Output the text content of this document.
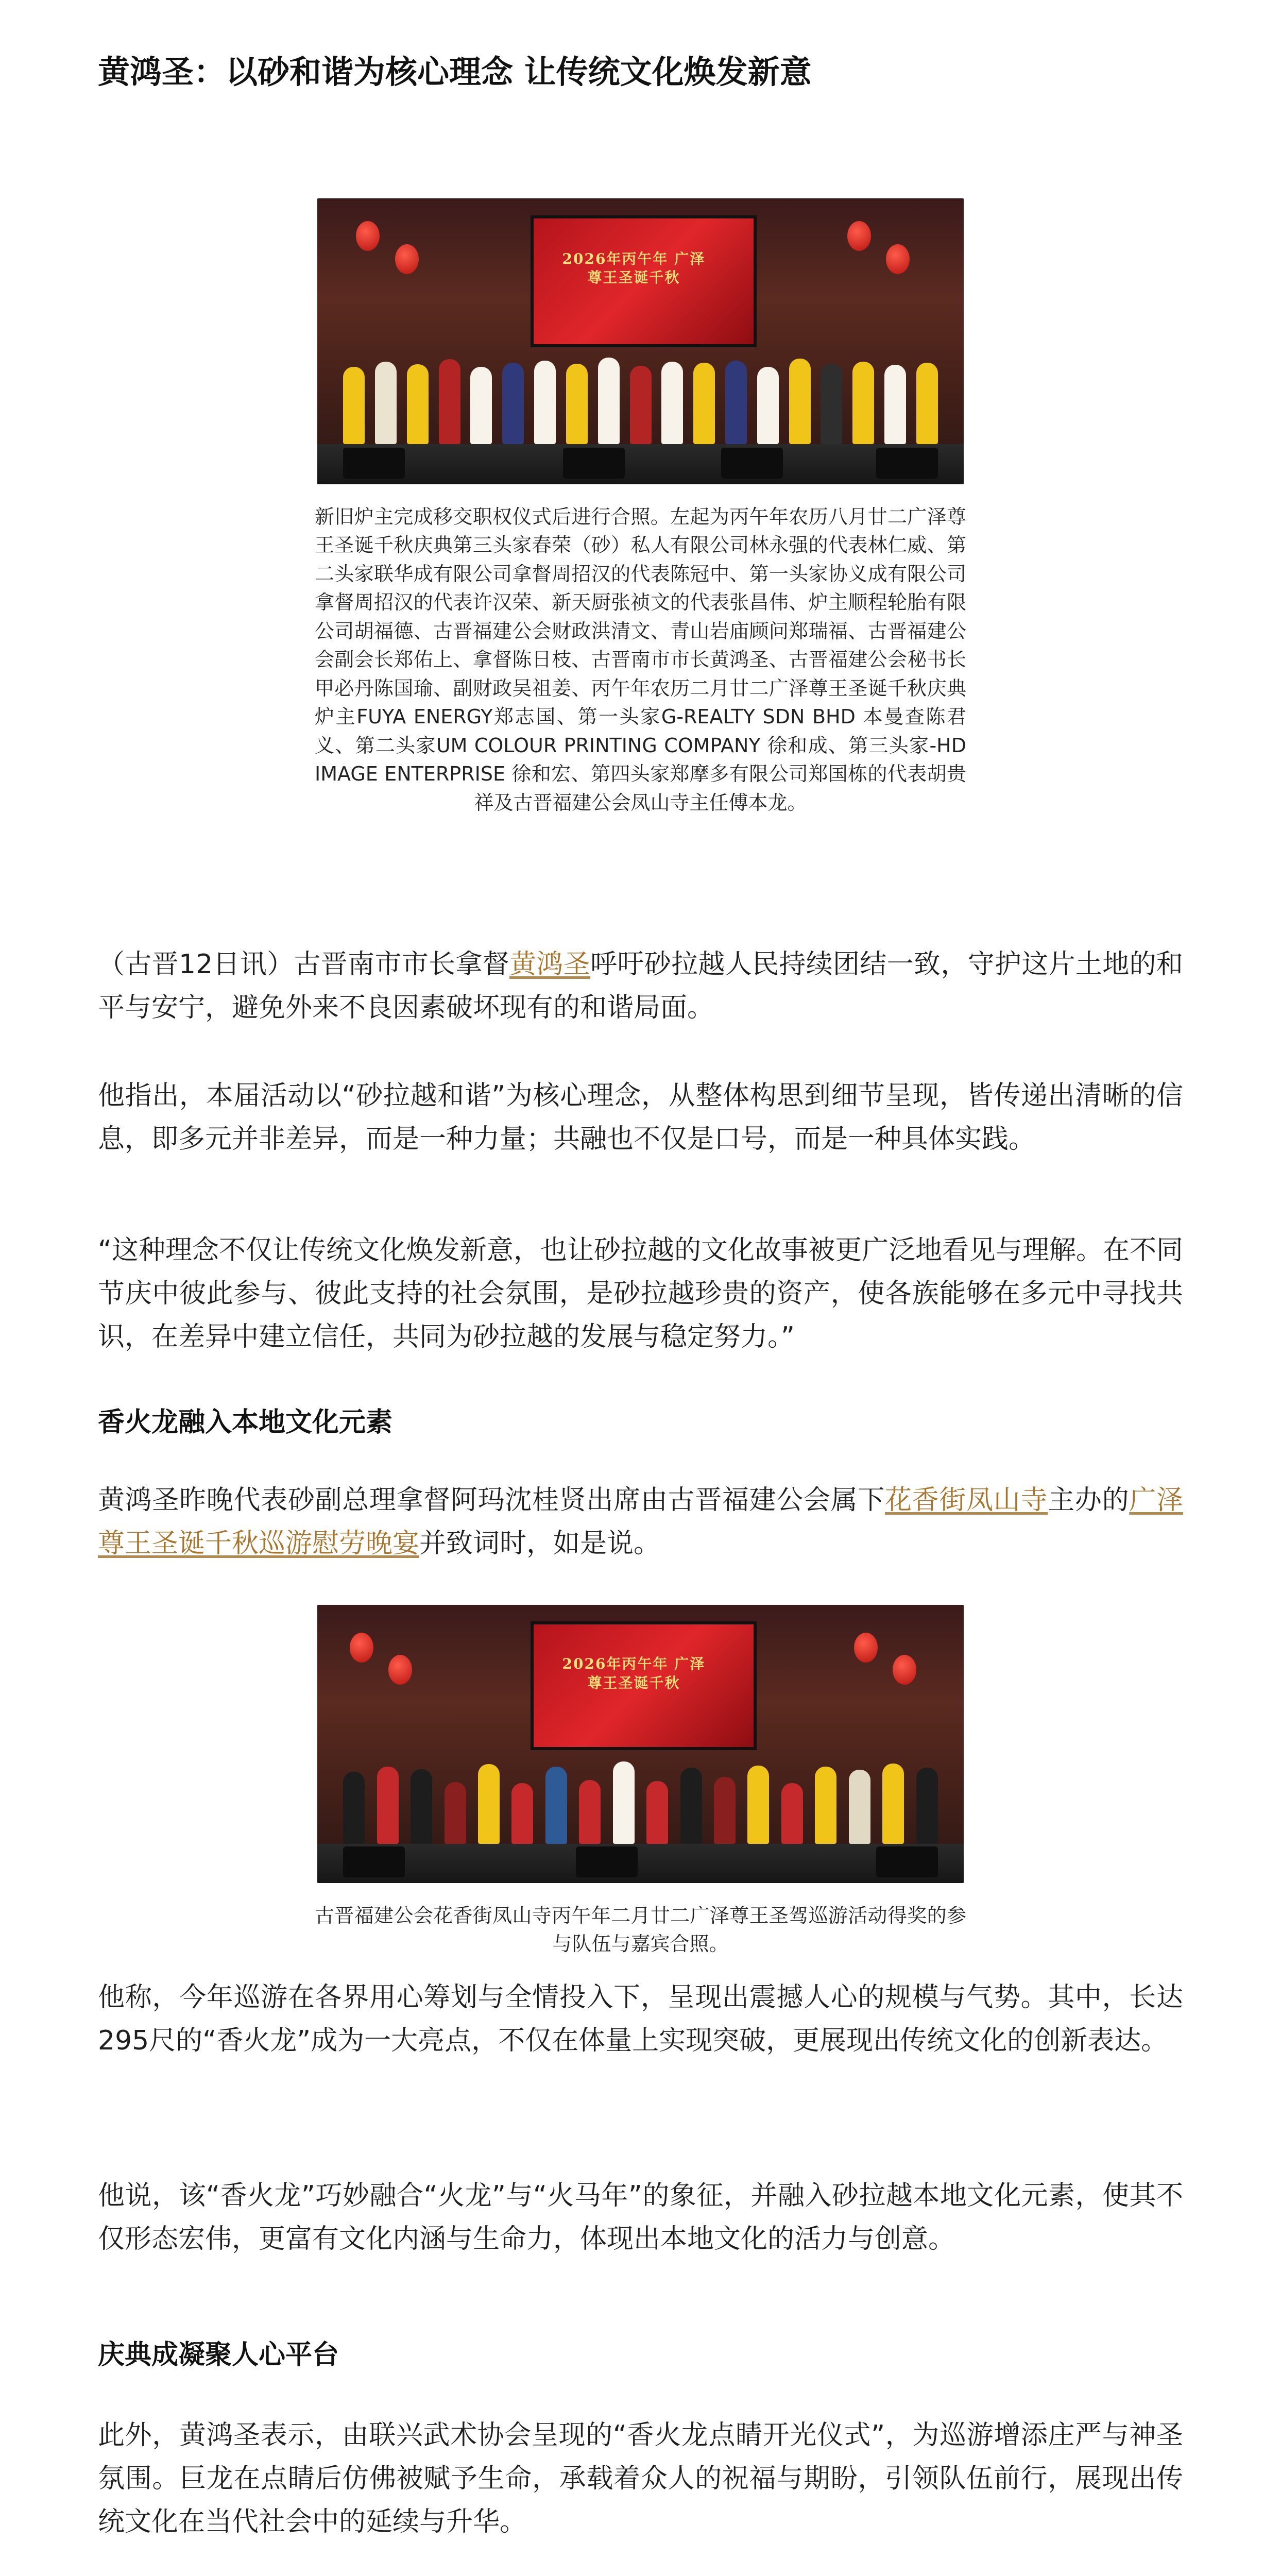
黄鸿圣：以砂和谐为核心理念 让传统文化焕发新意
2026年丙午年 广泽尊王圣诞千秋
新旧炉主完成移交职权仪式后进行合照。左起为丙午年农历八月廿二广泽尊王圣诞千秋庆典第三头家春荣（砂）私人有限公司林永强的代表林仁威、第二头家联华成有限公司拿督周招汉的代表陈冠中、第一头家协义成有限公司拿督周招汉的代表许汉荣、新天厨张祯文的代表张昌伟、炉主顺程轮胎有限公司胡福德、古晋福建公会财政洪清文、青山岩庙顾问郑瑞福、古晋福建公会副会长郑佑上、拿督陈日枝、古晋南市市长黄鸿圣、古晋福建公会秘书长甲必丹陈国瑜、副财政吴祖姜、丙午年农历二月廿二广泽尊王圣诞千秋庆典炉主FUYA ENERGY郑志国、第一头家G-REALTY SDN BHD 本曼查陈君义、第二头家UM COLOUR PRINTING COMPANY 徐和成、第三头家-HD IMAGE ENTERPRISE 徐和宏、第四头家郑摩多有限公司郑国栋的代表胡贵祥及古晋福建公会凤山寺主任傅本龙。

（古晋12日讯）古晋南市市长拿督黄鸿圣呼吁砂拉越人民持续团结一致，守护这片土地的和平与安宁，避免外来不良因素破坏现有的和谐局面。

他指出，本届活动以“砂拉越和谐”为核心理念，从整体构思到细节呈现，皆传递出清晰的信息，即多元并非差异，而是一种力量；共融也不仅是口号，而是一种具体实践。

“这种理念不仅让传统文化焕发新意，也让砂拉越的文化故事被更广泛地看见与理解。在不同节庆中彼此参与、彼此支持的社会氛围，是砂拉越珍贵的资产，使各族能够在多元中寻找共识，在差异中建立信任，共同为砂拉越的发展与稳定努力。”

香火龙融入本地文化元素

黄鸿圣昨晚代表砂副总理拿督阿玛沈桂贤出席由古晋福建公会属下花香街凤山寺主办的广泽尊王圣诞千秋巡游慰劳晚宴并致词时，如是说。

2026年丙午年 广泽尊王圣诞千秋
古晋福建公会花香街凤山寺丙午年二月廿二广泽尊王圣驾巡游活动得奖的参与队伍与嘉宾合照。

他称，今年巡游在各界用心筹划与全情投入下，呈现出震撼人心的规模与气势。其中，长达295尺的“香火龙”成为一大亮点，不仅在体量上实现突破，更展现出传统文化的创新表达。

他说，该“香火龙”巧妙融合“火龙”与“火马年”的象征，并融入砂拉越本地文化元素，使其不仅形态宏伟，更富有文化内涵与生命力，体现出本地文化的活力与创意。

庆典成凝聚人心平台

此外，黄鸿圣表示，由联兴武术协会呈现的“香火龙点睛开光仪式”，为巡游增添庄严与神圣氛围。巨龙在点睛后仿佛被赋予生命，承载着众人的祝福与期盼，引领队伍前行，展现出传统文化在当代社会中的延续与升华。
